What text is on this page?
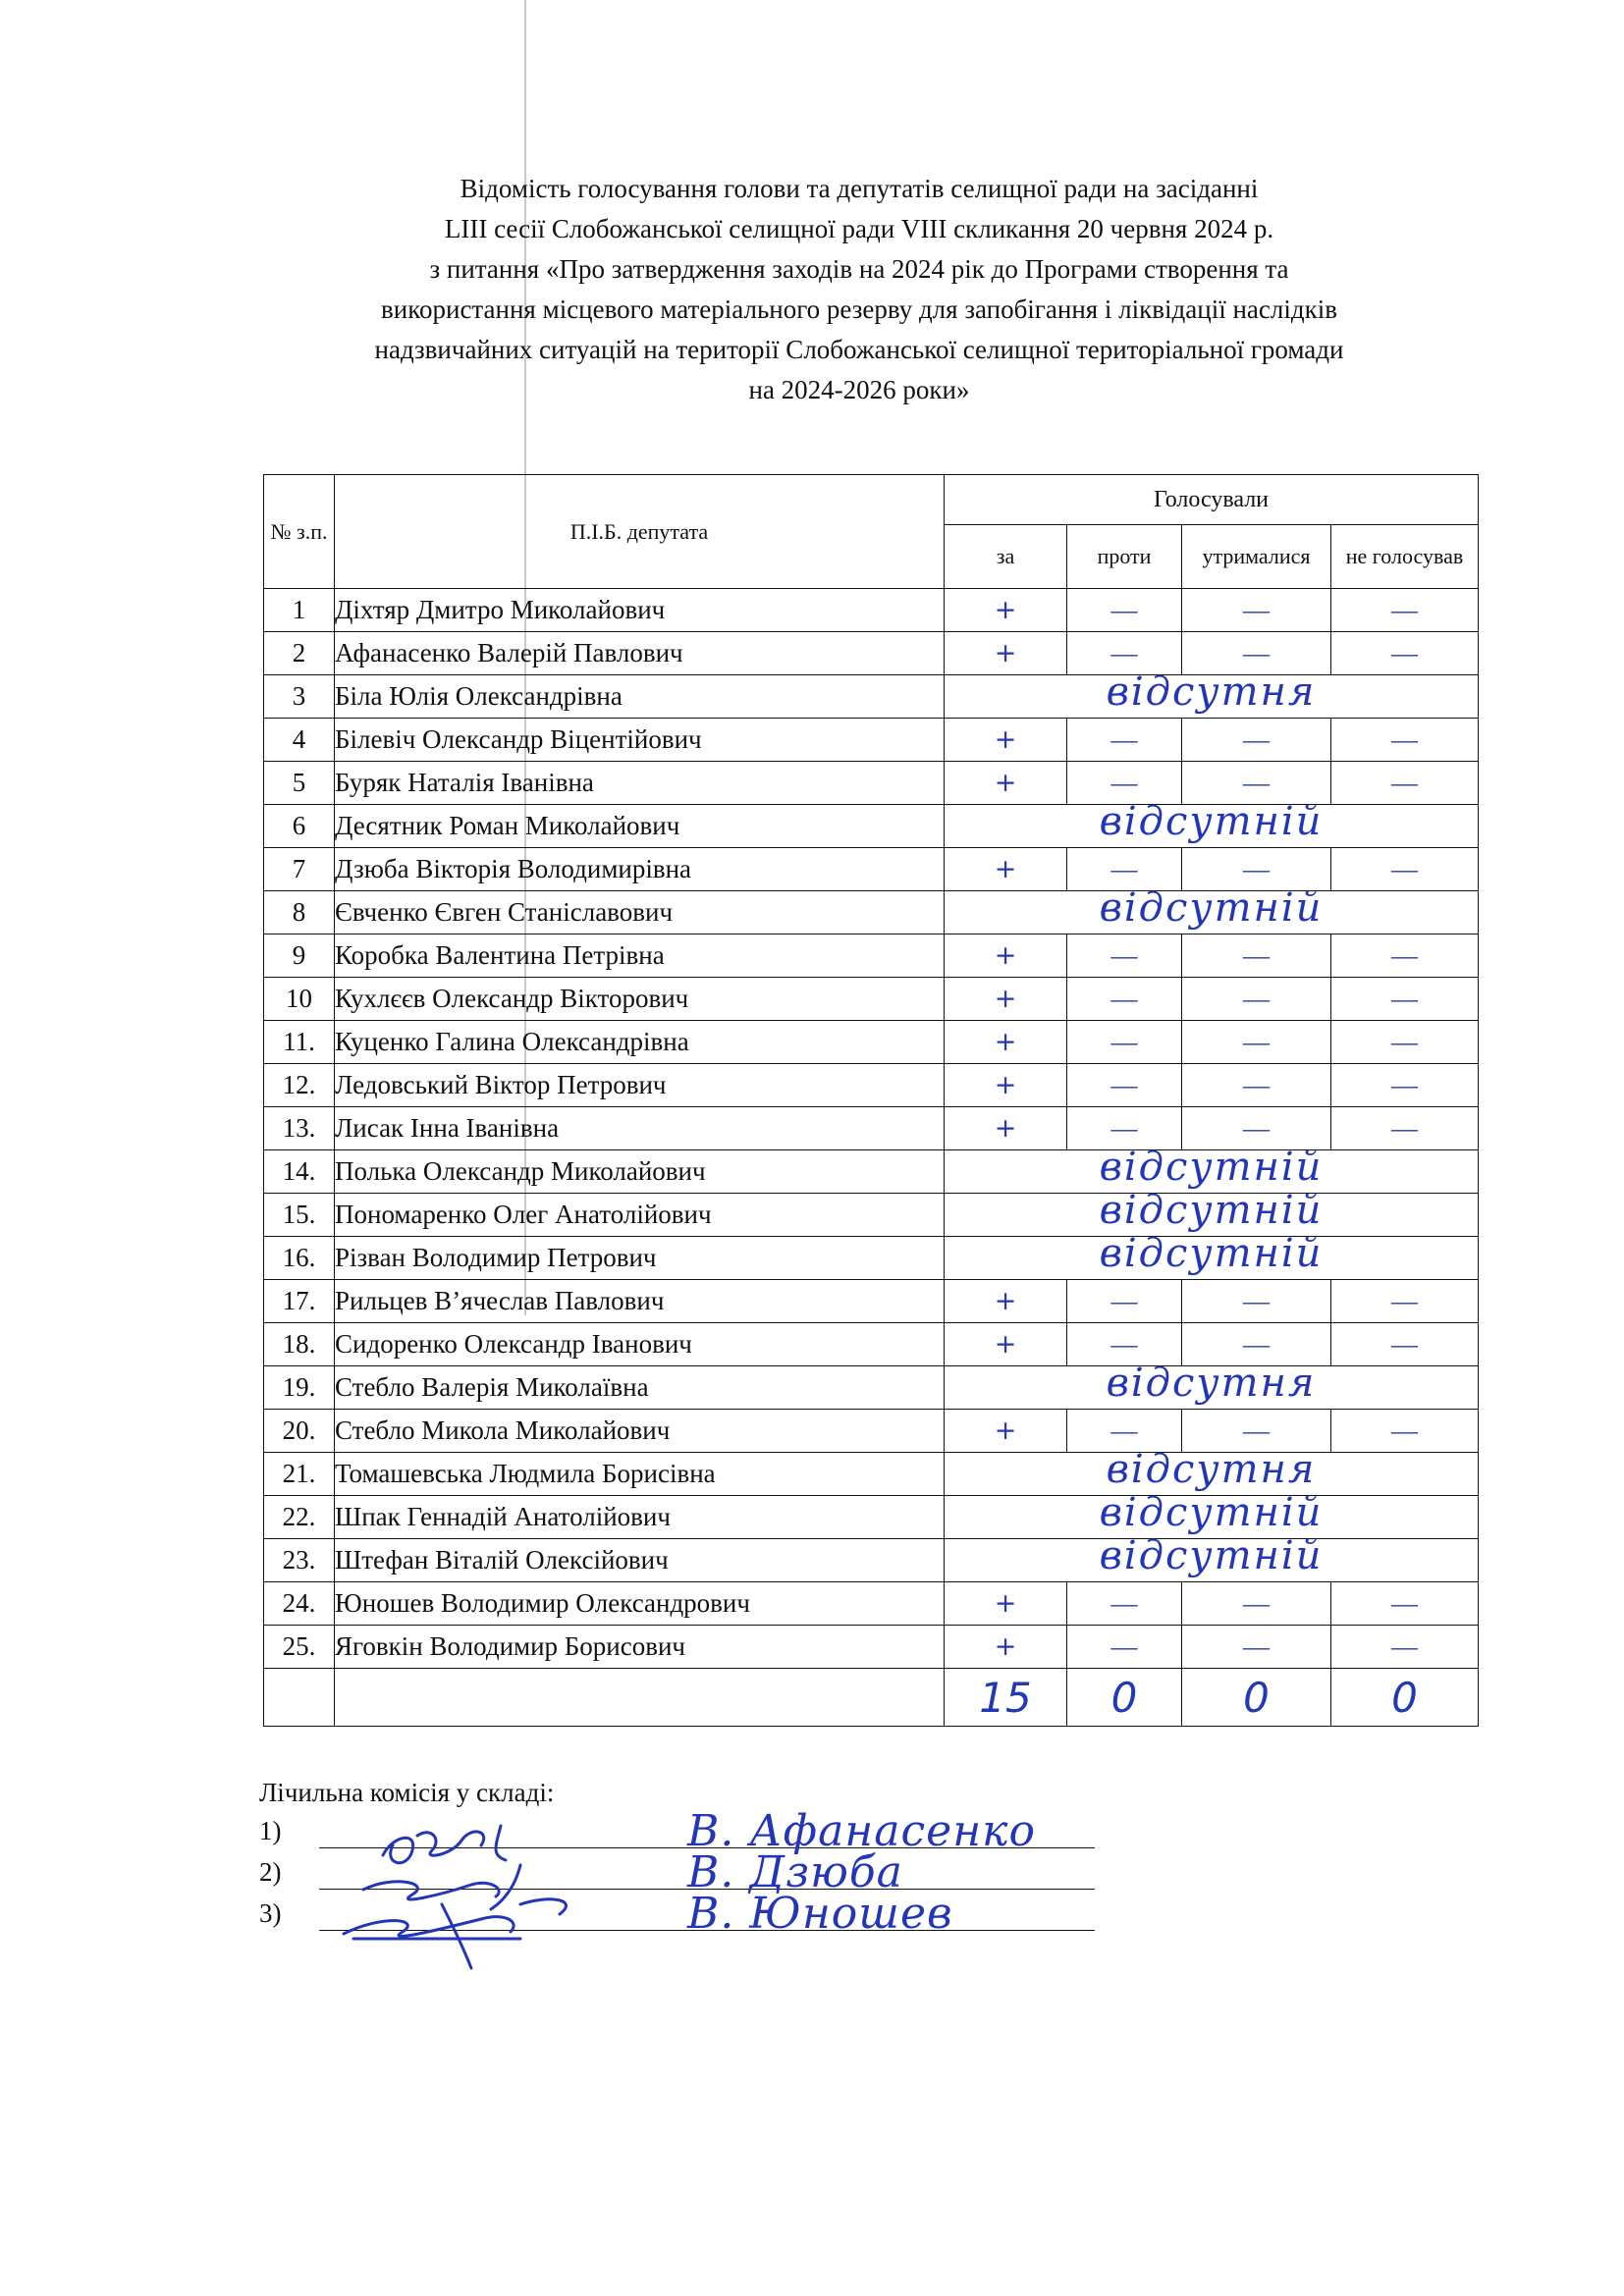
Відомість голосування голови та депутатів селищної ради на засіданні
LIII сесії Слобожанської селищної ради VIII скликання 20 червня 2024 р.
з питання «Про затвердження заходів на 2024 рік до Програми створення та
використання місцевого матеріального резерву для запобігання і ліквідації наслідків
надзвичайних ситуацій на території Слобожанської селищної територіальної громади
на 2024-2026 роки»
№ з.п.	П.І.Б. депутата	Голосували			
		за	проти	утрималися	не голосував
1	Діхтяр Дмитро Миколайович	+	—	—	—
2	Афанасенко Валерій Павлович	+	—	—	—
3	Біла Юлія Олександрівна	відсутня			

4	Білевіч Олександр Віцентійович	+	—	—	—
5	Буряк Наталія Іванівна	+	—	—	—
6	Десятник Роман Миколайович	відсутній			

7	Дзюба Вікторія Володимирівна	+	—	—	—
8	Євченко Євген Станіславович	відсутній			

9	Коробка Валентина Петрівна	+	—	—	—
10	Кухлєєв Олександр Вікторович	+	—	—	—
11.	Куценко Галина Олександрівна	+	—	—	—
12.	Ледовський Віктор Петрович	+	—	—	—
13.	Лисак Інна Іванівна	+	—	—	—
14.	Полька Олександр Миколайович	відсутній			

15.	Пономаренко Олег Анатолійович	відсутній			

16.	Різван Володимир Петрович	відсутній			

17.	Рильцев В’ячеслав Павлович	+	—	—	—
18.	Сидоренко Олександр Іванович	+	—	—	—
19.	Стебло Валерія Миколаївна	відсутня			

20.	Стебло Микола Миколайович	+	—	—	—
21.	Томашевська Людмила Борисівна	відсутня			

22.	Шпак Геннадій Анатолійович	відсутній			

23.	Штефан Віталій Олексійович	відсутній			

24.	Юношев Володимир Олександрович	+	—	—	—
25.	Яговкін Володимир Борисович	+	—	—	—
		15	0	0	0
Лічильна комісія у складі:
1)
2)
3)
В. Афанасенко
В. Дзюба
В. Юношев
